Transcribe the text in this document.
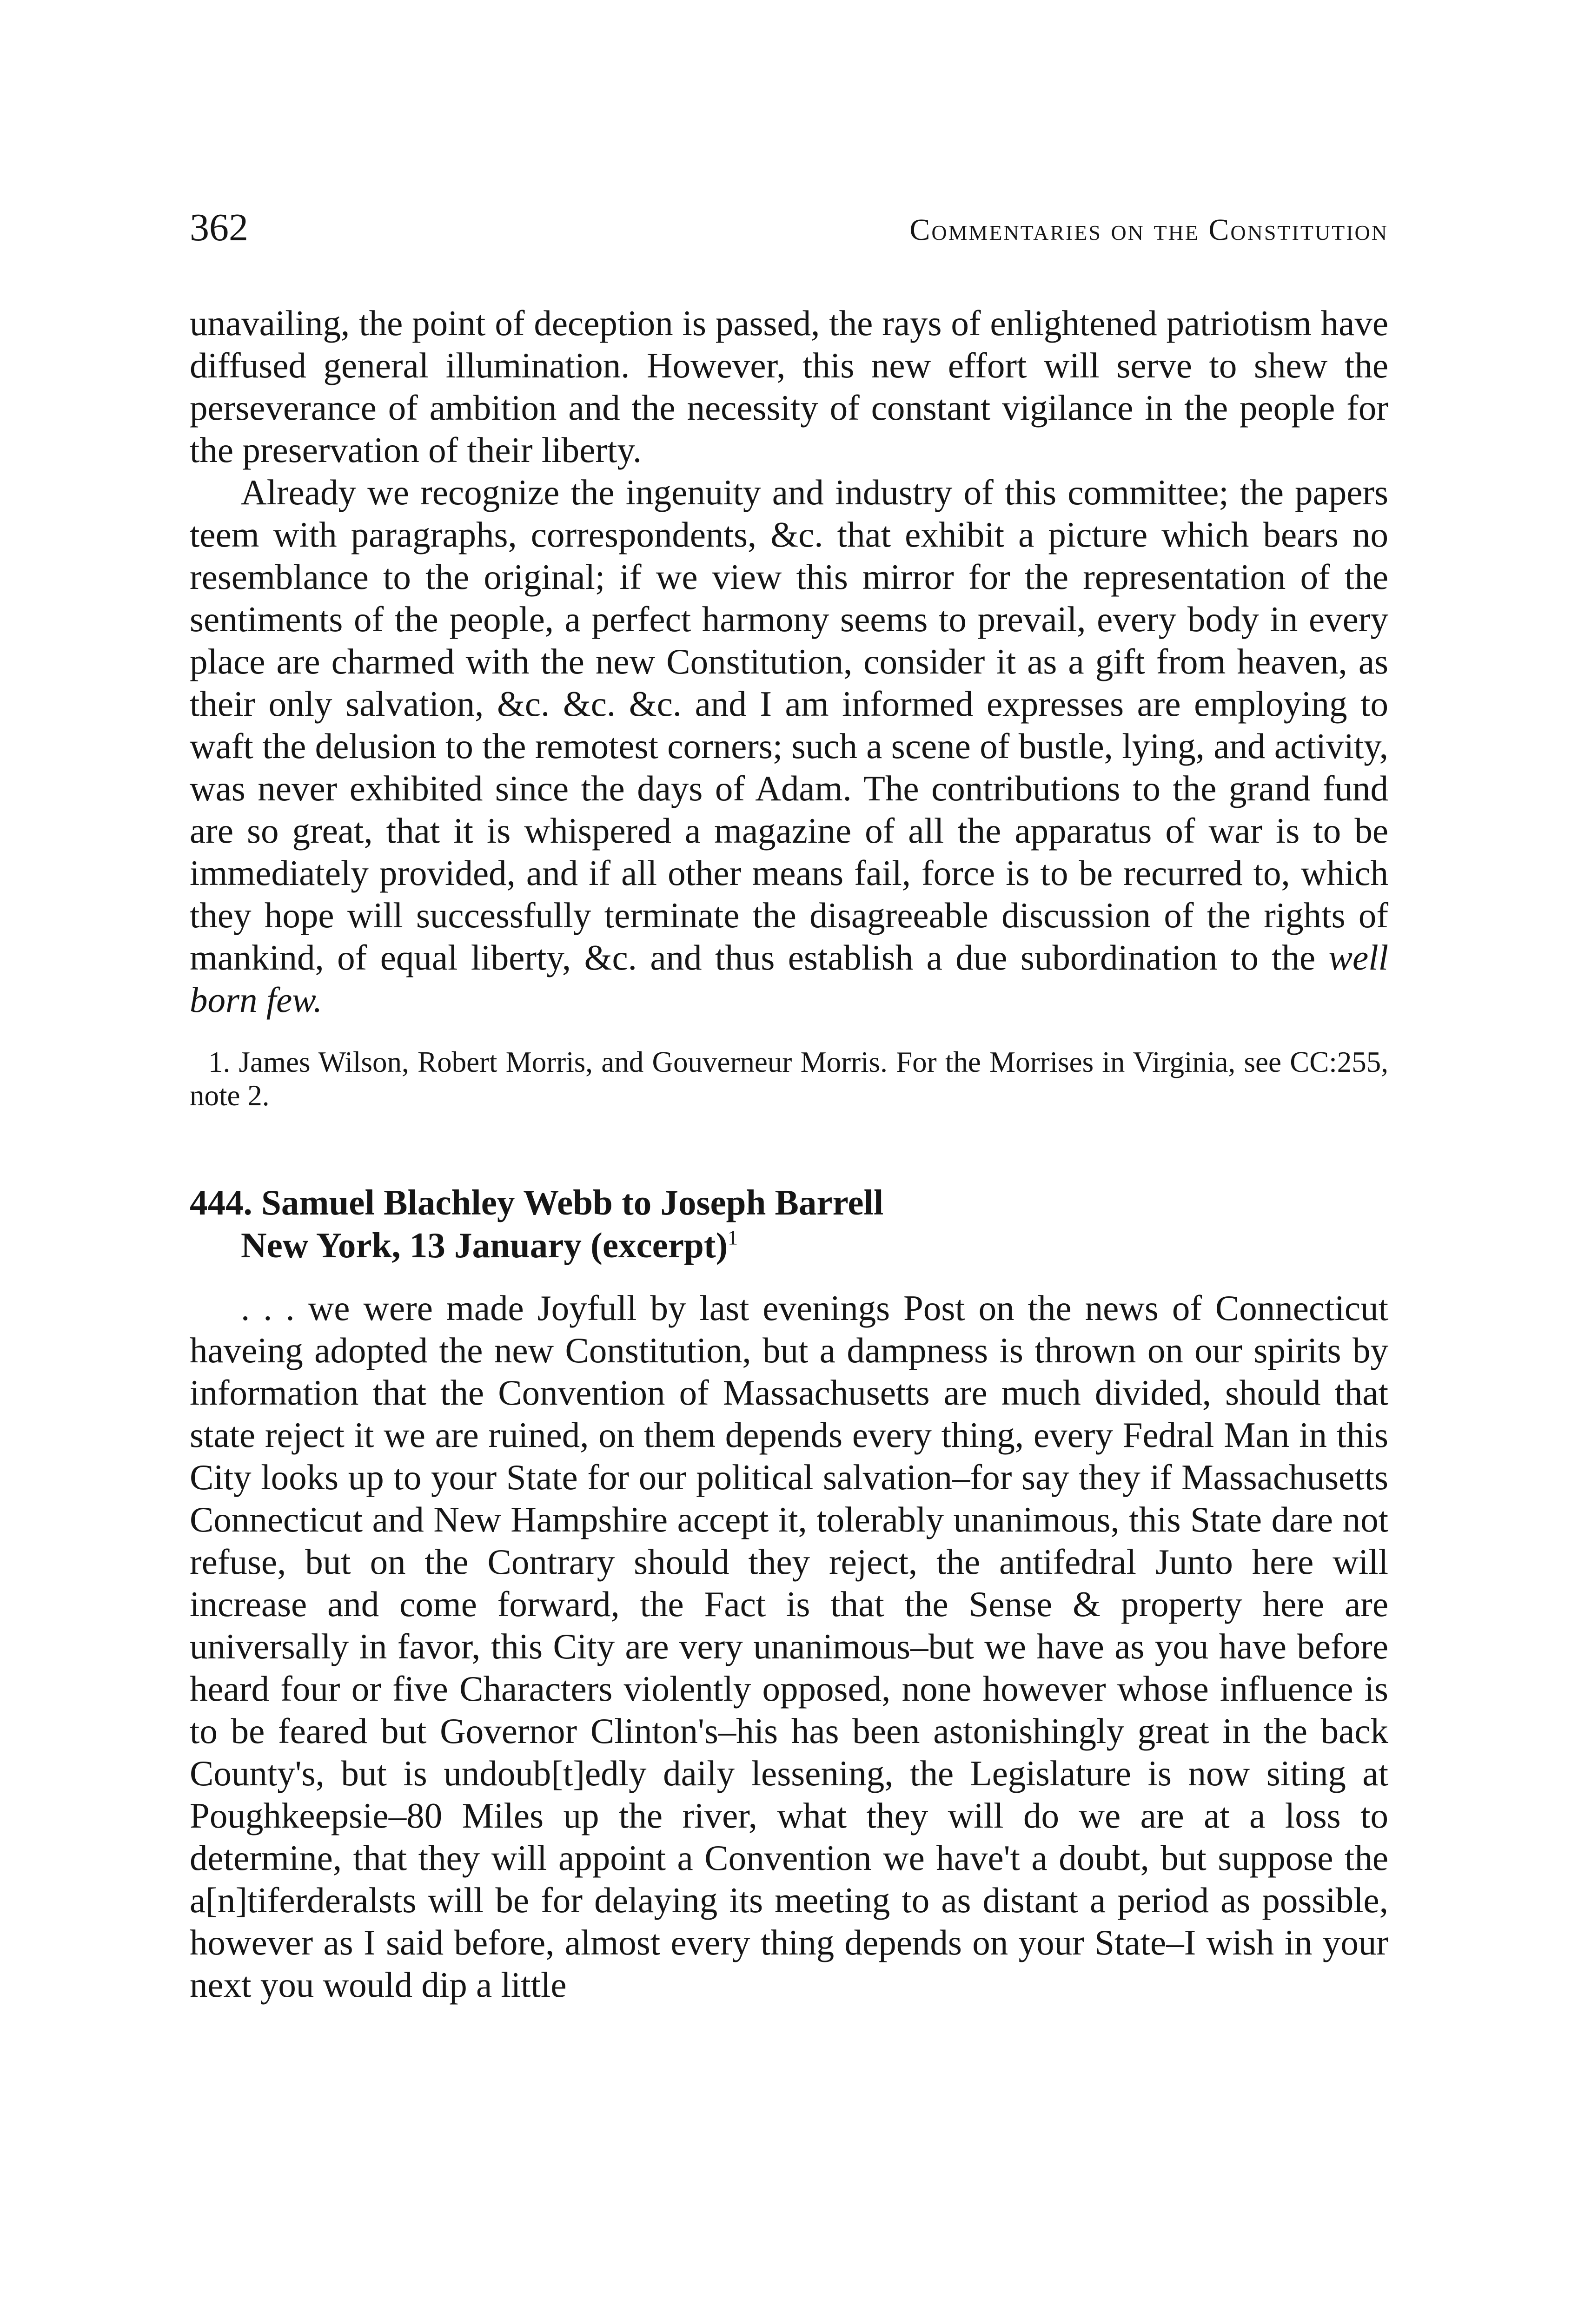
362	Commentaries on the Constitution

unavailing, the point of deception is passed, the rays of enlightened patriotism have diffused general illumination. However, this new effort will serve to shew the perseverance of ambition and the necessity of constant vigilance in the people for the preservation of their liberty.

Already we recognize the ingenuity and industry of this committee; the papers teem with paragraphs, correspondents, &c. that exhibit a picture which bears no resemblance to the original; if we view this mirror for the representation of the sentiments of the people, a perfect harmony seems to prevail, every body in every place are charmed with the new Constitution, consider it as a gift from heaven, as their only salvation, &c. &c. &c. and I am informed expresses are employing to waft the delusion to the remotest corners; such a scene of bustle, lying, and activity, was never exhibited since the days of Adam. The contributions to the grand fund are so great, that it is whispered a magazine of all the apparatus of war is to be immediately provided, and if all other means fail, force is to be recurred to, which they hope will successfully terminate the disagreeable discussion of the rights of mankind, of equal liberty, &c. and thus establish a due subordination to the well born few.

1. James Wilson, Robert Morris, and Gouverneur Morris. For the Morrises in Virginia, see CC:255, note 2.

444. Samuel Blachley Webb to Joseph Barrell
New York, 13 January (excerpt)$^1$

. . . we were made Joyfull by last evenings Post on the news of Connecticut haveing adopted the new Constitution, but a dampness is thrown on our spirits by information that the Convention of Massachusetts are much divided, should that state reject it we are ruined, on them depends every thing, every Fedral Man in this City looks up to your State for our political salvation–for say they if Massachusetts Connecticut and New Hampshire accept it, tolerably unanimous, this State dare not refuse, but on the Contrary should they reject, the antifedral Junto here will increase and come forward, the Fact is that the Sense & property here are universally in favor, this City are very unanimous–but we have as you have before heard four or five Characters violently opposed, none however whose influence is to be feared but Governor Clinton's–his has been astonishingly great in the back County's, but is undoub[t]edly daily lessening, the Legislature is now siting at Poughkeepsie–80 Miles up the river, what they will do we are at a loss to determine, that they will appoint a Convention we have't a doubt, but suppose the a[n]tiferderalsts will be for delaying its meeting to as distant a period as possible, however as I said before, almost every thing depends on your State–I wish in your next you would dip a little
